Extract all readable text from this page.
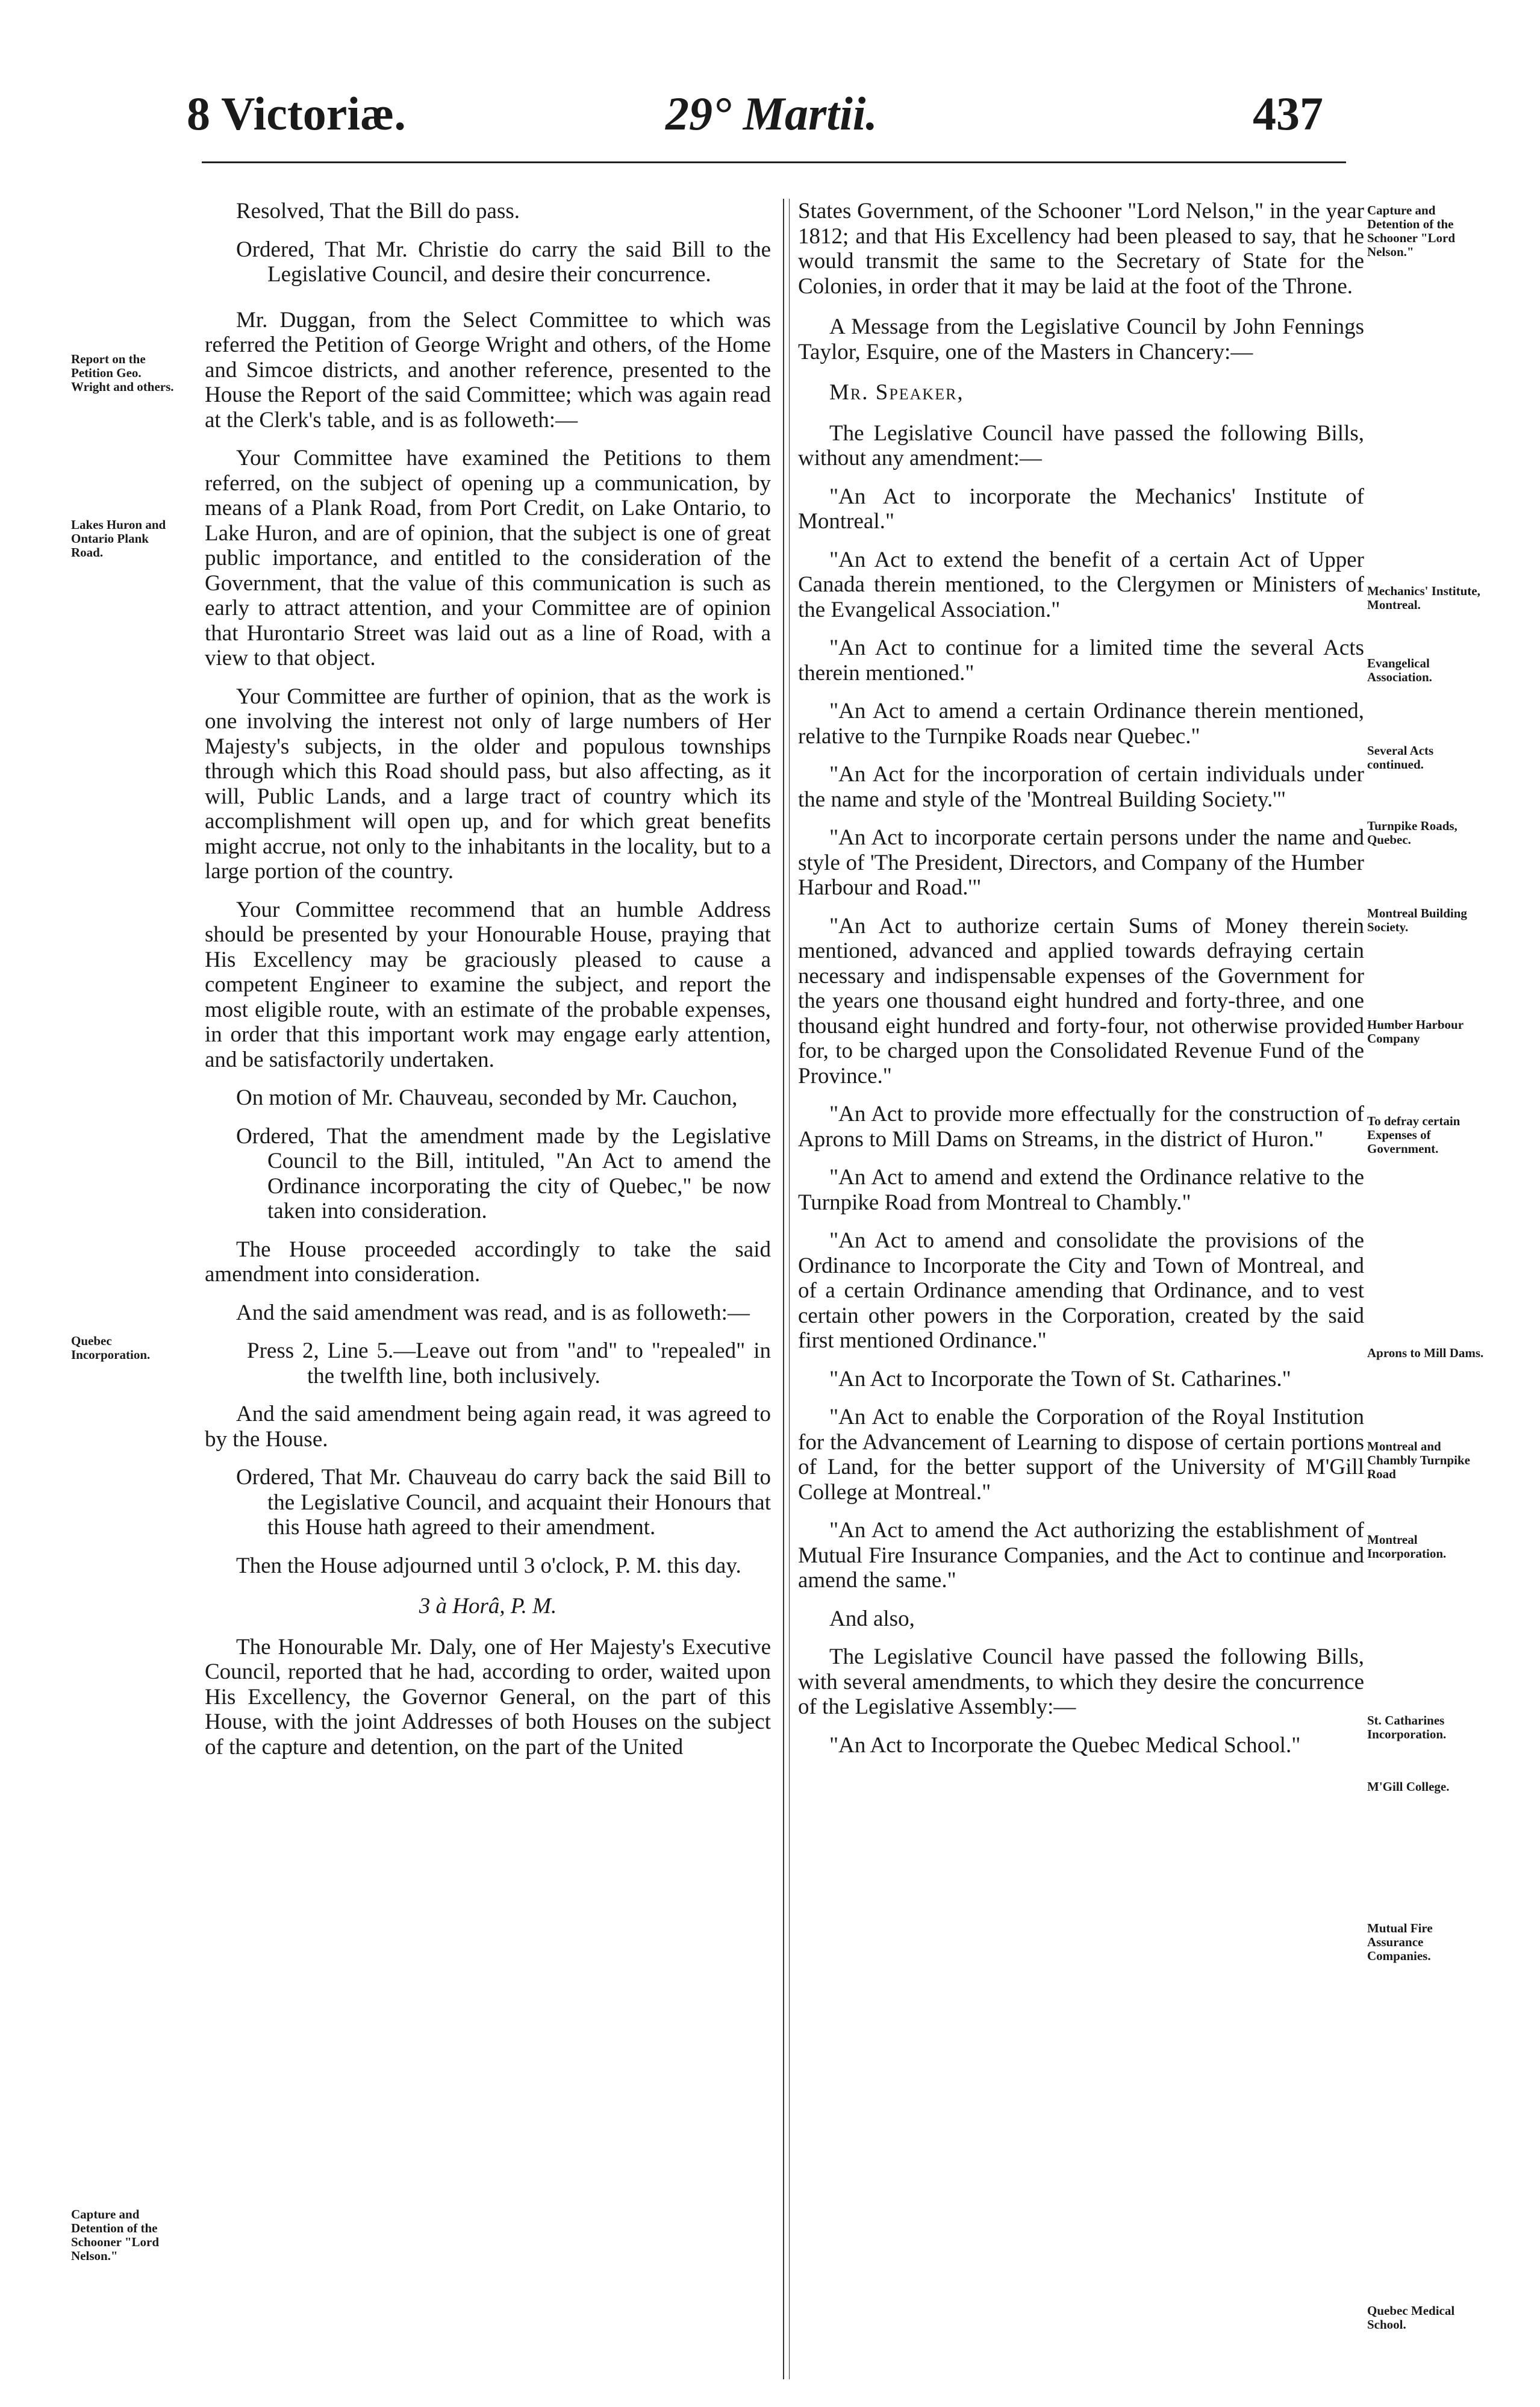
8 Victoriæ.	29° Martii.	437
Report on the Petition Geo. Wright and others.
Lakes Huron and Ontario Plank Road.
Quebec Incorporation.
Capture and Detention of the Schooner "Lord Nelson."
Capture and Detention of the Schooner "Lord Nelson."
Mechanics' Institute, Montreal.
Evangelical Association.
Several Acts continued.
Turnpike Roads, Quebec.
Montreal Building Society.
Humber Harbour Company
To defray certain Expenses of Government.
Aprons to Mill Dams.
Montreal and Chambly Turnpike Road
Montreal Incorporation.
St. Catharines Incorporation.
M'Gill College.
Mutual Fire Assurance Companies.
Quebec Medical School.

Resolved, That the Bill do pass.

Ordered, That Mr. Christie do carry the said Bill to the Legislative Council, and desire their concurrence.

Mr. Duggan, from the Select Committee to which was referred the Petition of George Wright and others, of the Home and Simcoe districts, and another reference, presented to the House the Report of the said Committee; which was again read at the Clerk's table, and is as followeth:—

Your Committee have examined the Petitions to them referred, on the subject of opening up a communication, by means of a Plank Road, from Port Credit, on Lake Ontario, to Lake Huron, and are of opinion, that the subject is one of great public importance, and entitled to the consideration of the Government, that the value of this communication is such as early to attract attention, and your Committee are of opinion that Hurontario Street was laid out as a line of Road, with a view to that object.

Your Committee are further of opinion, that as the work is one involving the interest not only of large numbers of Her Majesty's subjects, in the older and populous townships through which this Road should pass, but also affecting, as it will, Public Lands, and a large tract of country which its accomplishment will open up, and for which great benefits might accrue, not only to the inhabitants in the locality, but to a large portion of the country.

Your Committee recommend that an humble Address should be presented by your Honourable House, praying that His Excellency may be graciously pleased to cause a competent Engineer to examine the subject, and report the most eligible route, with an estimate of the probable expenses, in order that this important work may engage early attention, and be satisfactorily undertaken.

On motion of Mr. Chauveau, seconded by Mr. Cauchon,

Ordered, That the amendment made by the Legislative Council to the Bill, intituled, "An Act to amend the Ordinance incorporating the city of Quebec," be now taken into consideration.

The House proceeded accordingly to take the said amendment into consideration.

And the said amendment was read, and is as followeth:—

Press 2, Line 5.—Leave out from "and" to "repealed" in the twelfth line, both inclusively.

And the said amendment being again read, it was agreed to by the House.

Ordered, That Mr. Chauveau do carry back the said Bill to the Legislative Council, and acquaint their Honours that this House hath agreed to their amendment.

Then the House adjourned until 3 o'clock, P. M. this day.

3 à Horâ, P. M.

The Honourable Mr. Daly, one of Her Majesty's Executive Council, reported that he had, according to order, waited upon His Excellency, the Governor General, on the part of this House, with the joint Addresses of both Houses on the subject of the capture and detention, on the part of the United

States Government, of the Schooner "Lord Nelson," in the year 1812; and that His Excellency had been pleased to say, that he would transmit the same to the Secretary of State for the Colonies, in order that it may be laid at the foot of the Throne.

A Message from the Legislative Council by John Fennings Taylor, Esquire, one of the Masters in Chancery:—

Mr. Speaker,

The Legislative Council have passed the following Bills, without any amendment:—

"An Act to incorporate the Mechanics' Institute of Montreal."

"An Act to extend the benefit of a certain Act of Upper Canada therein mentioned, to the Clergymen or Ministers of the Evangelical Association."

"An Act to continue for a limited time the several Acts therein mentioned."

"An Act to amend a certain Ordinance therein mentioned, relative to the Turnpike Roads near Quebec."

"An Act for the incorporation of certain individuals under the name and style of the 'Montreal Building Society.'"

"An Act to incorporate certain persons under the name and style of 'The President, Directors, and Company of the Humber Harbour and Road.'"

"An Act to authorize certain Sums of Money therein mentioned, advanced and applied towards defraying certain necessary and indispensable expenses of the Government for the years one thousand eight hundred and forty-three, and one thousand eight hundred and forty-four, not otherwise provided for, to be charged upon the Consolidated Revenue Fund of the Province."

"An Act to provide more effectually for the construction of Aprons to Mill Dams on Streams, in the district of Huron."

"An Act to amend and extend the Ordinance relative to the Turnpike Road from Montreal to Chambly."

"An Act to amend and consolidate the provisions of the Ordinance to Incorporate the City and Town of Montreal, and of a certain Ordinance amending that Ordinance, and to vest certain other powers in the Corporation, created by the said first mentioned Ordinance."

"An Act to Incorporate the Town of St. Catharines."

"An Act to enable the Corporation of the Royal Institution for the Advancement of Learning to dispose of certain portions of Land, for the better support of the University of M'Gill College at Montreal."

"An Act to amend the Act authorizing the establishment of Mutual Fire Insurance Companies, and the Act to continue and amend the same."

And also,

The Legislative Council have passed the following Bills, with several amendments, to which they desire the concurrence of the Legislative Assembly:—

"An Act to Incorporate the Quebec Medical School."
